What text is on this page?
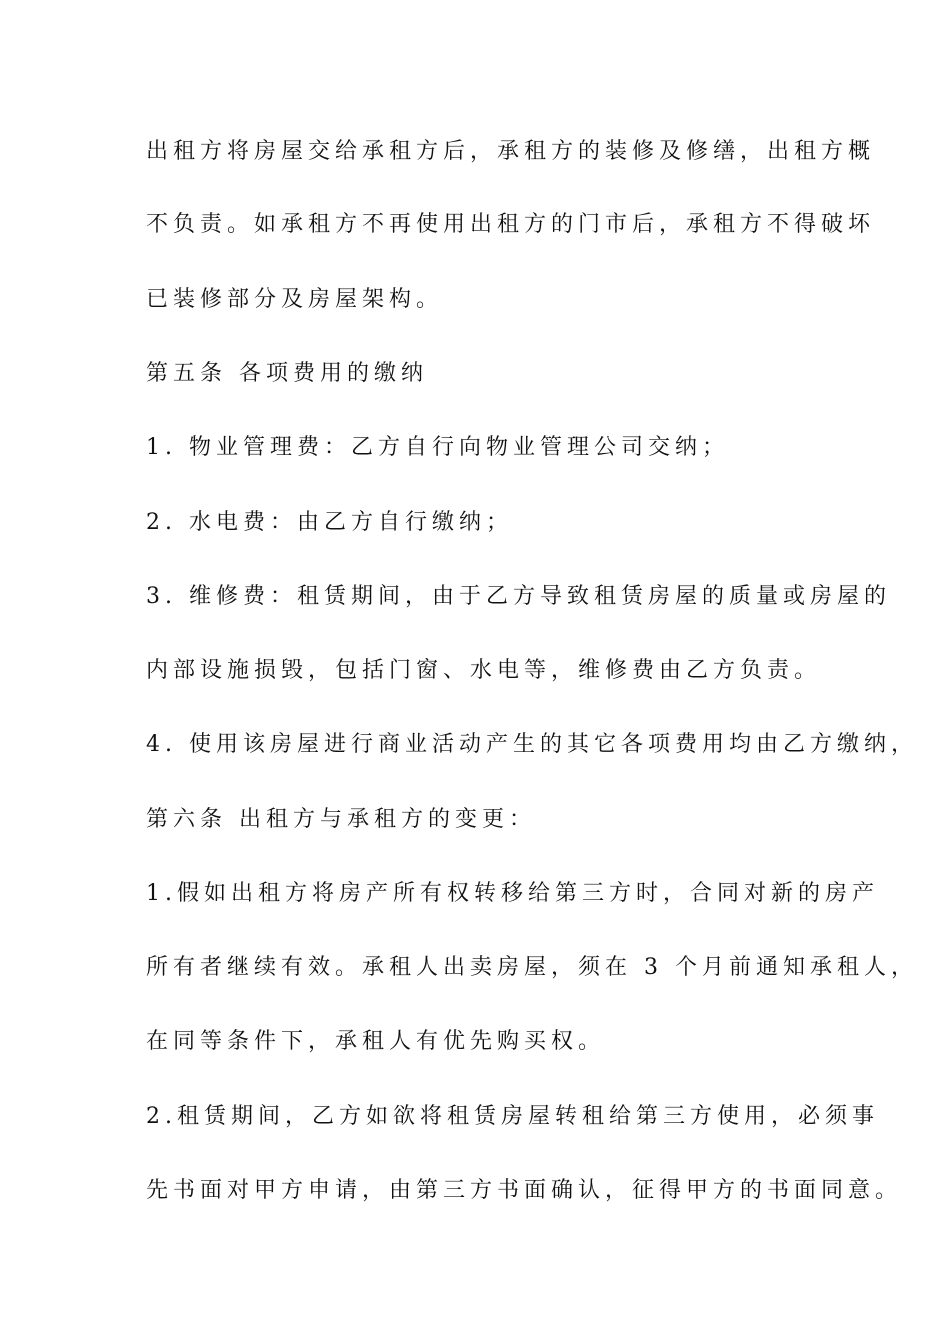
出租方将房屋交给承租方后，承租方的装修及修缮，出租方概
不负责。如承租方不再使用出租方的门市后，承租方不得破坏
已装修部分及房屋架构。
第五条 各项费用的缴纳
1. 物业管理费：乙方自行向物业管理公司交纳；
2. 水电费：由乙方自行缴纳；
3. 维修费：租赁期间，由于乙方导致租赁房屋的质量或房屋的
内部设施损毁，包括门窗、水电等，维修费由乙方负责。
4. 使用该房屋进行商业活动产生的其它各项费用均由乙方缴纳，
第六条 出租方与承租方的变更：
1.假如出租方将房产所有权转移给第三方时，合同对新的房产
所有者继续有效。承租人出卖房屋，须在 3 个月前通知承租人，
在同等条件下，承租人有优先购买权。
2.租赁期间，乙方如欲将租赁房屋转租给第三方使用，必须事
先书面对甲方申请，由第三方书面确认，征得甲方的书面同意。
